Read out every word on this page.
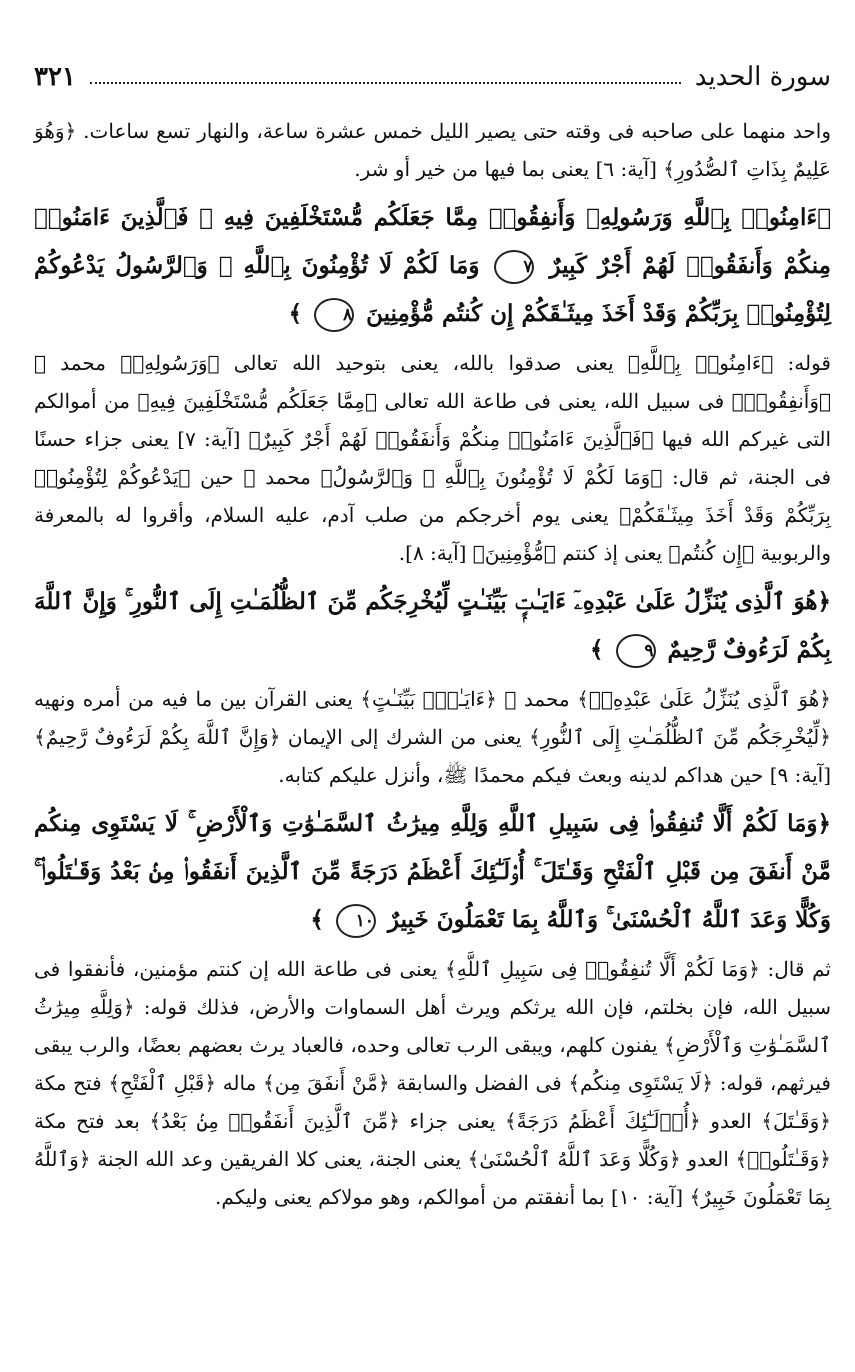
سورة الحديد
٣٢١

واحد منهما على صاحبه فى وقته حتى يصير الليل خمس عشرة ساعة، والنهار تسع ساعات. ﴿وَهُوَ عَلِيمٌ بِذَاتِ ٱلصُّدُورِ﴾ [آية: ٦] يعنى بما فيها من خير أو شر.

﴿ءَامِنُوا۟ بِٱللَّهِ وَرَسُولِهِۦ وَأَنفِقُوا۟ مِمَّا جَعَلَكُم مُّسْتَخْلَفِينَ فِيهِ ۖ فَٱلَّذِينَ ءَامَنُوا۟ مِنكُمْ وَأَنفَقُوا۟ لَهُمْ أَجْرٌ كَبِيرٌ ٧ وَمَا لَكُمْ لَا تُؤْمِنُونَ بِٱللَّهِ ۙ وَٱلرَّسُولُ يَدْعُوكُمْ لِتُؤْمِنُوا۟ بِرَبِّكُمْ وَقَدْ أَخَذَ مِيثَـٰقَكُمْ إِن كُنتُم مُّؤْمِنِينَ ٨ ﴾

قوله: ﴿ءَامِنُوا۟ بِٱللَّهِ﴾ يعنى صدقوا بالله، يعنى بتوحيد الله تعالى ﴿وَرَسُولِهِۦ﴾ محمد ﷺ ﴿وَأَنفِقُوا۟﴾ فى سبيل الله، يعنى فى طاعة الله تعالى ﴿مِمَّا جَعَلَكُم مُّسْتَخْلَفِينَ فِيهِ﴾ من أموالكم التى غيركم الله فيها ﴿فَٱلَّذِينَ ءَامَنُوا۟ مِنكُمْ وَأَنفَقُوا۟ لَهُمْ أَجْرٌ كَبِيرٌ﴾ [آية: ٧] يعنى جزاء حسنًا فى الجنة، ثم قال: ﴿وَمَا لَكُمْ لَا تُؤْمِنُونَ بِٱللَّهِ ۙ وَٱلرَّسُولُ﴾ محمد ﷺ حين ﴿يَدْعُوكُمْ لِتُؤْمِنُوا۟ بِرَبِّكُمْ وَقَدْ أَخَذَ مِيثَـٰقَكُمْ﴾ يعنى يوم أخرجكم من صلب آدم، عليه السلام، وأقروا له بالمعرفة والربوبية ﴿إِن كُنتُم﴾ يعنى إذ كنتم ﴿مُّؤْمِنِينَ﴾ [آية: ٨].

﴿هُوَ ٱلَّذِى يُنَزِّلُ عَلَىٰ عَبْدِهِۦٓ ءَايَـٰتٍۭ بَيِّنَـٰتٍ لِّيُخْرِجَكُم مِّنَ ٱلظُّلُمَـٰتِ إِلَى ٱلنُّورِ ۚ وَإِنَّ ٱللَّهَ بِكُمْ لَرَءُوفٌ رَّحِيمٌ ٩ ﴾

﴿هُوَ ٱلَّذِى يُنَزِّلُ عَلَىٰ عَبْدِهِۦٓ﴾ محمد ﷺ ﴿ءَايَـٰتٍۭ بَيِّنَـٰتٍ﴾ يعنى القرآن بين ما فيه من أمره ونهيه ﴿لِّيُخْرِجَكُم مِّنَ ٱلظُّلُمَـٰتِ إِلَى ٱلنُّورِ﴾ يعنى من الشرك إلى الإيمان ﴿وَإِنَّ ٱللَّهَ بِكُمْ لَرَءُوفٌ رَّحِيمٌ﴾ [آية: ٩] حين هداكم لدينه وبعث فيكم محمدًا ﷺ، وأنزل عليكم كتابه.

﴿وَمَا لَكُمْ أَلَّا تُنفِقُوا۟ فِى سَبِيلِ ٱللَّهِ وَلِلَّهِ مِيرَٰثُ ٱلسَّمَـٰوَٰتِ وَٱلْأَرْضِ ۚ لَا يَسْتَوِى مِنكُم مَّنْ أَنفَقَ مِن قَبْلِ ٱلْفَتْحِ وَقَـٰتَلَ ۚ أُو۟لَـٰٓئِكَ أَعْظَمُ دَرَجَةً مِّنَ ٱلَّذِينَ أَنفَقُوا۟ مِنۢ بَعْدُ وَقَـٰتَلُوا۟ ۚ وَكُلًّا وَعَدَ ٱللَّهُ ٱلْحُسْنَىٰ ۚ وَٱللَّهُ بِمَا تَعْمَلُونَ خَبِيرٌ ١٠ ﴾

ثم قال: ﴿وَمَا لَكُمْ أَلَّا تُنفِقُوا۟ فِى سَبِيلِ ٱللَّهِ﴾ يعنى فى طاعة الله إن كنتم مؤمنين، فأنفقوا فى سبيل الله، فإن بخلتم، فإن الله يرثكم ويرث أهل السماوات والأرض، فذلك قوله: ﴿وَلِلَّهِ مِيرَٰثُ ٱلسَّمَـٰوَٰتِ وَٱلْأَرْضِ﴾ يفنون كلهم، ويبقى الرب تعالى وحده، فالعباد يرث بعضهم بعضًا، والرب يبقى فيرثهم، قوله: ﴿لَا يَسْتَوِى مِنكُم﴾ فى الفضل والسابقة ﴿مَّنْ أَنفَقَ مِن﴾ ماله ﴿قَبْلِ ٱلْفَتْحِ﴾ فتح مكة ﴿وَقَـٰتَلَ﴾ العدو ﴿أُو۟لَـٰٓئِكَ أَعْظَمُ دَرَجَةً﴾ يعنى جزاء ﴿مِّنَ ٱلَّذِينَ أَنفَقُوا۟ مِنۢ بَعْدُ﴾ بعد فتح مكة ﴿وَقَـٰتَلُوا۟﴾ العدو ﴿وَكُلًّا وَعَدَ ٱللَّهُ ٱلْحُسْنَىٰ﴾ يعنى الجنة، يعنى كلا الفريقين وعد الله الجنة ﴿وَٱللَّهُ بِمَا تَعْمَلُونَ خَبِيرٌ﴾ [آية: ١٠] بما أنفقتم من أموالكم، وهو مولاكم يعنى وليكم.
